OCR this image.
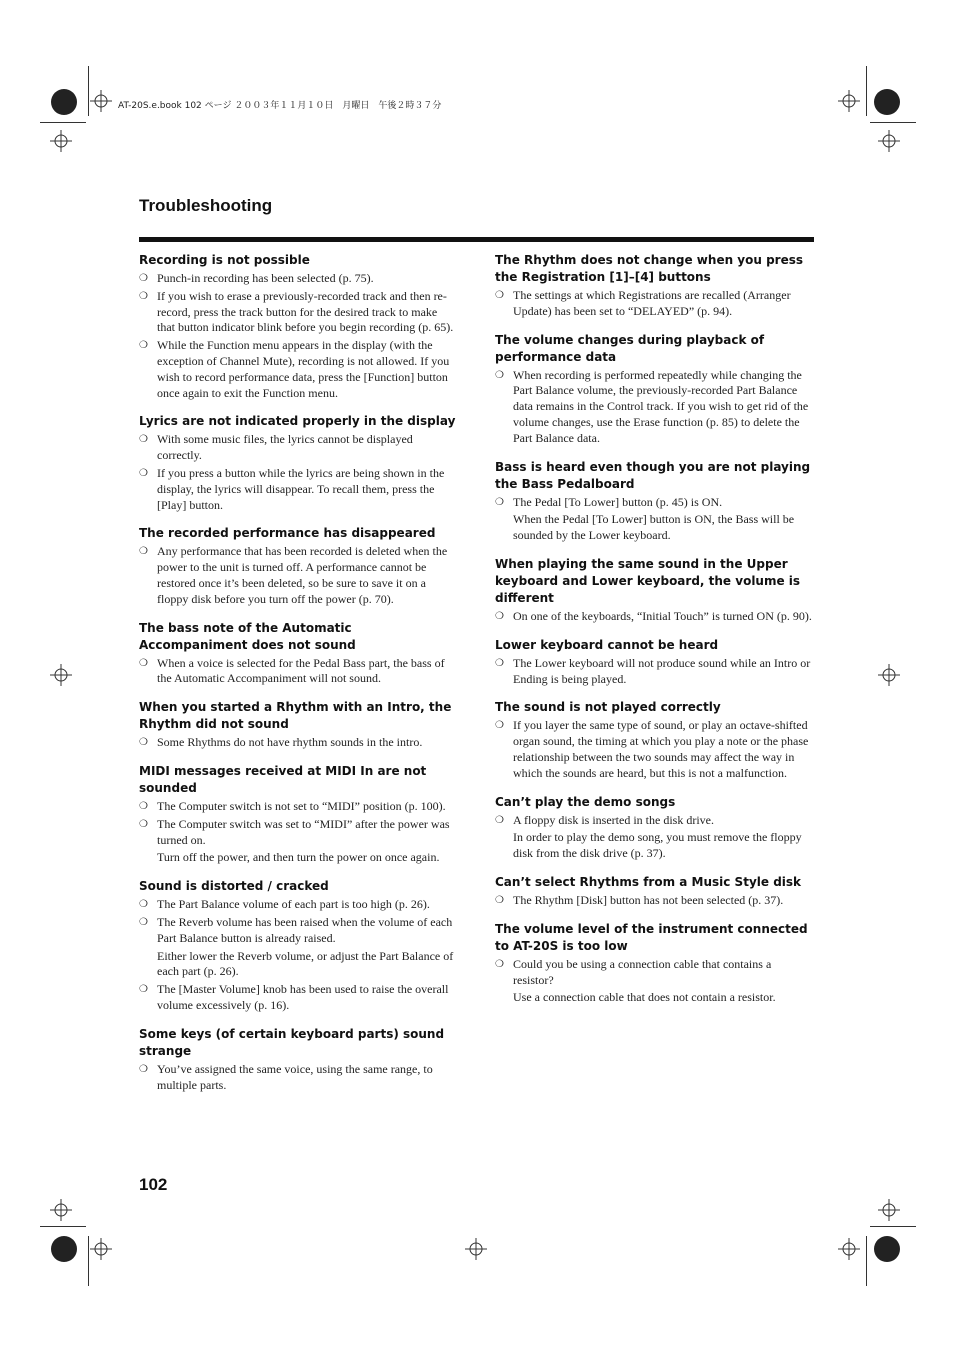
AT-20S.e.book 102 ページ ２００３年１１月１０日　月曜日　午後２時３７分
Troubleshooting
Recording is not possible
❍ Punch-in recording has been selected (p. 75).
❍ If you wish to erase a previously-recorded track and then re-record, press the track button for the desired track to make that button indicator blink before you begin recording (p. 65).
❍ While the Function menu appears in the display (with the exception of Channel Mute), recording is not allowed. If you wish to record performance data, press the [Function] button once again to exit the Function menu.
Lyrics are not indicated properly in the display
❍ With some music files, the lyrics cannot be displayed correctly.
❍ If you press a button while the lyrics are being shown in the display, the lyrics will disappear. To recall them, press the [Play] button.
The recorded performance has disappeared
❍ Any performance that has been recorded is deleted when the power to the unit is turned off. A performance cannot be restored once it’s been deleted, so be sure to save it on a floppy disk before you turn off the power (p. 70).
The bass note of the Automatic Accompaniment does not sound
❍ When a voice is selected for the Pedal Bass part, the bass of the Automatic Accompaniment will not sound.
When you started a Rhythm with an Intro, the Rhythm did not sound
❍ Some Rhythms do not have rhythm sounds in the intro.
MIDI messages received at MIDI In are not sounded
❍ The Computer switch is not set to “MIDI” position (p. 100).
❍ The Computer switch was set to “MIDI” after the power was turned on.
Turn off the power, and then turn the power on once again.
Sound is distorted / cracked
❍ The Part Balance volume of each part is too high (p. 26).
❍ The Reverb volume has been raised when the volume of each Part Balance button is already raised.
Either lower the Reverb volume, or adjust the Part Balance of each part (p. 26).
❍ The [Master Volume] knob has been used to raise the overall volume excessively (p. 16).
Some keys (of certain keyboard parts) sound strange
❍ You’ve assigned the same voice, using the same range, to multiple parts.
The Rhythm does not change when you press the Registration [1]–[4] buttons
❍ The settings at which Registrations are recalled (Arranger Update) has been set to “DELAYED” (p. 94).
The volume changes during playback of performance data
❍ When recording is performed repeatedly while changing the Part Balance volume, the previously-recorded Part Balance data remains in the Control track. If you wish to get rid of the volume changes, use the Erase function (p. 85) to delete the Part Balance data.
Bass is heard even though you are not playing the Bass Pedalboard
❍ The Pedal [To Lower] button (p. 45) is ON.
When the Pedal [To Lower] button is ON, the Bass will be sounded by the Lower keyboard.
When playing the same sound in the Upper keyboard and Lower keyboard, the volume is different
❍ On one of the keyboards, “Initial Touch” is turned ON (p. 90).
Lower keyboard cannot be heard
❍ The Lower keyboard will not produce sound while an Intro or Ending is being played.
The sound is not played correctly
❍ If you layer the same type of sound, or play an octave-shifted organ sound, the timing at which you play a note or the phase relationship between the two sounds may affect the way in which the sounds are heard, but this is not a malfunction.
Can’t play the demo songs
❍ A floppy disk is inserted in the disk drive.
In order to play the demo song, you must remove the floppy disk from the disk drive (p. 37).
Can’t select Rhythms from a Music Style disk
❍ The Rhythm [Disk] button has not been selected (p. 37).
The volume level of the instrument connected to AT-20S is too low
❍ Could you be using a connection cable that contains a resistor?
Use a connection cable that does not contain a resistor.
102
